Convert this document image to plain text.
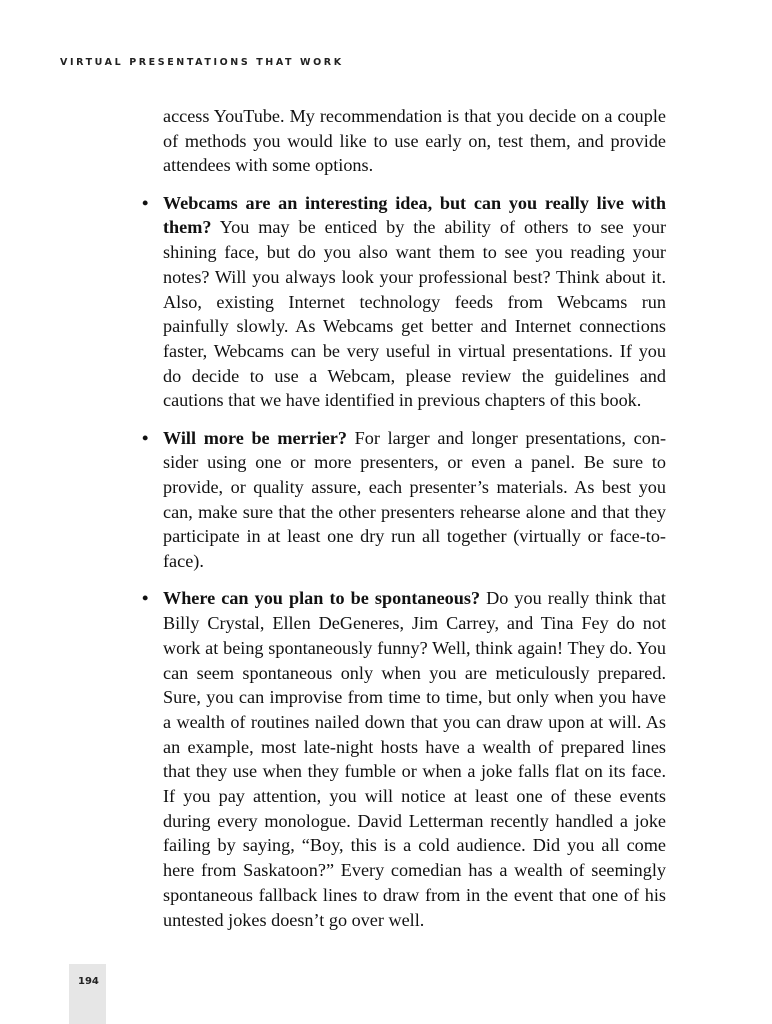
VIRTUAL PRESENTATIONS THAT WORK

access YouTube. My recommendation is that you decide on a couple of methods you would like to use early on, test them, and provide attendees with some options.

• Webcams are an interesting idea, but can you really live with them? You may be enticed by the ability of others to see your shining face, but do you also want them to see you reading your notes? Will you always look your professional best? Think about it. Also, existing Internet technology feeds from Webcams run painfully slowly. As Webcams get better and Internet connections faster, Webcams can be very useful in virtual presentations. If you do decide to use a Webcam, please review the guidelines and cautions that we have identified in previous chapters of this book.
• Will more be merrier? For larger and longer presentations, consider using one or more presenters, or even a panel. Be sure to provide, or quality assure, each presenter’s materials. As best you can, make sure that the other presenters rehearse alone and that they participate in at least one dry run all together (virtually or face-to-face).
• Where can you plan to be spontaneous? Do you really think that Billy Crystal, Ellen DeGeneres, Jim Carrey, and Tina Fey do not work at being spontaneously funny? Well, think again! They do. You can seem spontaneous only when you are meticulously prepared. Sure, you can improvise from time to time, but only when you have a wealth of routines nailed down that you can draw upon at will. As an example, most late-night hosts have a wealth of prepared lines that they use when they fumble or when a joke falls flat on its face. If you pay attention, you will notice at least one of these events during every monologue. David Letterman recently handled a joke failing by saying, “Boy, this is a cold audience. Did you all come here from Saskatoon?” Every comedian has a wealth of seemingly spontaneous fallback lines to draw from in the event that one of his untested jokes doesn’t go over well.
194
